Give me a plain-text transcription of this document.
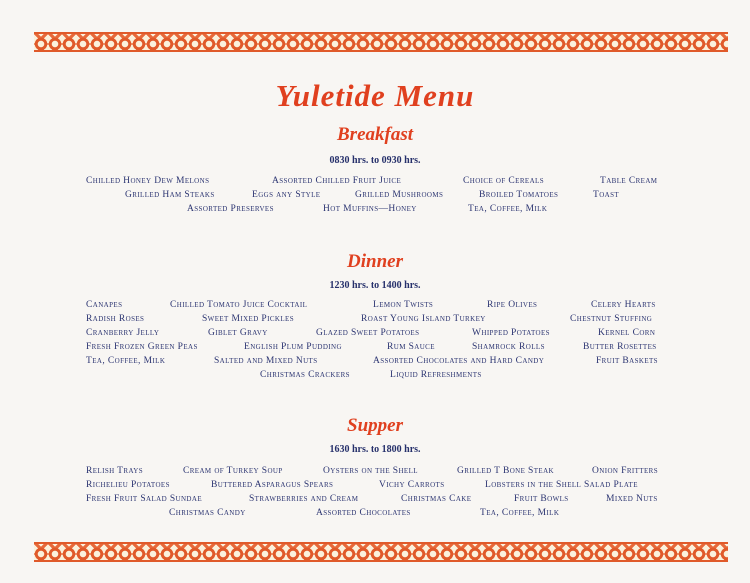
Yuletide Menu
Breakfast
0830 hrs. to 0930 hrs.
Chilled Honey Dew Melons	Assorted Chilled Fruit Juice	Choice of Cereals	Table Cream
Grilled Ham Steaks	Eggs any Style	Grilled Mushrooms	Broiled Tomatoes	Toast
Assorted Preserves	Hot Muffins—Honey	Tea, Coffee, Milk
Dinner
1230 hrs. to 1400 hrs.
Canapes	Chilled Tomato Juice Cocktail	Lemon Twists	Ripe Olives	Celery Hearts
Radish Roses	Sweet Mixed Pickles	Roast Young Island Turkey	Chestnut Stuffing
Cranberry Jelly	Giblet Gravy	Glazed Sweet Potatoes	Whipped Potatoes	Kernel Corn
Fresh Frozen Green Peas	English Plum Pudding	Rum Sauce	Shamrock Rolls	Butter Rosettes
Tea, Coffee, Milk	Salted and Mixed Nuts	Assorted Chocolates and Hard Candy	Fruit Baskets
Christmas Crackers	Liquid Refreshments
Supper
1630 hrs. to 1800 hrs.
Relish Trays	Cream of Turkey Soup	Oysters on the Shell	Grilled T Bone Steak	Onion Fritters
Richelieu Potatoes	Buttered Asparagus Spears	Vichy Carrots	Lobsters in the Shell Salad Plate
Fresh Fruit Salad Sundae	Strawberries and Cream	Christmas Cake	Fruit Bowls	Mixed Nuts
Christmas Candy	Assorted Chocolates	Tea, Coffee, Milk
